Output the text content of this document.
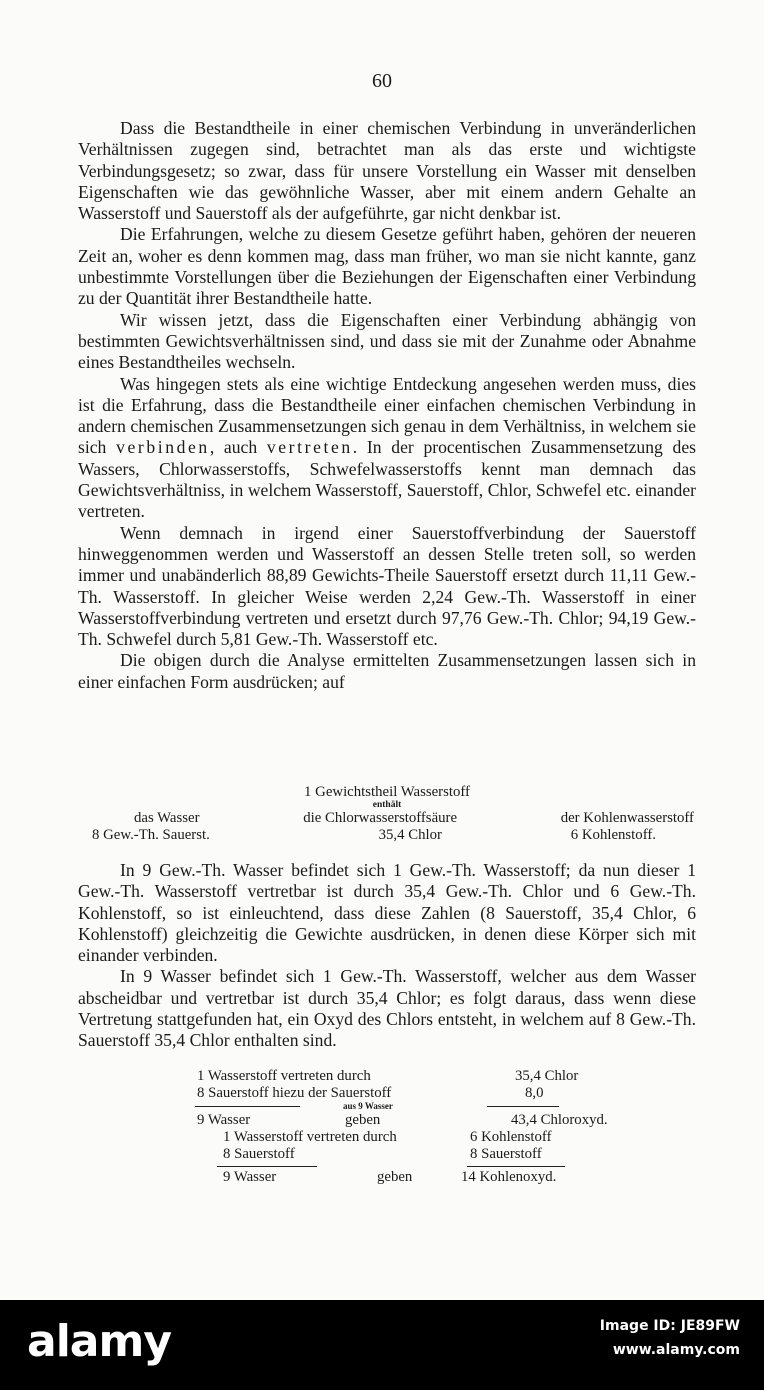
60

Dass die Bestandtheile in einer chemischen Verbindung in unveränderlichen Verhältnissen zugegen sind, betrachtet man als das erste und wichtigste Verbindungsgesetz; so zwar, dass für unsere Vorstellung ein Wasser mit denselben Eigenschaften wie das gewöhnliche Wasser, aber mit einem andern Gehalte an Wasserstoff und Sauerstoff als der aufgeführte, gar nicht denkbar ist.

Die Erfahrungen, welche zu diesem Gesetze geführt haben, gehören der neueren Zeit an, woher es denn kommen mag, dass man früher, wo man sie nicht kannte, ganz unbestimmte Vorstellungen über die Beziehungen der Eigenschaften einer Verbindung zu der Quantität ihrer Bestandtheile hatte.

Wir wissen jetzt, dass die Eigenschaften einer Verbindung abhängig von bestimmten Gewichtsverhältnissen sind, und dass sie mit der Zunahme oder Abnahme eines Bestandtheiles wechseln.

Was hingegen stets als eine wichtige Entdeckung angesehen werden muss, dies ist die Erfahrung, dass die Bestandtheile einer einfachen chemischen Verbindung in andern chemischen Zusammensetzungen sich genau in dem Verhältniss, in welchem sie sich verbinden, auch vertreten. In der procentischen Zusammensetzung des Wassers, Chlorwasserstoffs, Schwefelwasserstoffs kennt man demnach das Gewichtsverhältniss, in welchem Wasserstoff, Sauerstoff, Chlor, Schwefel etc. einander vertreten.

Wenn demnach in irgend einer Sauerstoffverbindung der Sauerstoff hinweggenommen werden und Wasserstoff an dessen Stelle treten soll, so werden immer und unabänderlich 88,89 Gewichts-Theile Sauerstoff ersetzt durch 11,11 Gew.-Th. Wasserstoff. In gleicher Weise werden 2,24 Gew.-Th. Wasserstoff in einer Wasserstoffverbindung vertreten und ersetzt durch 97,76 Gew.-Th. Chlor; 94,19 Gew.-Th. Schwefel durch 5,81 Gew.-Th. Wasserstoff etc.

Die obigen durch die Analyse ermittelten Zusammensetzungen lassen sich in einer einfachen Form ausdrücken; auf

1 Gewichtstheil Wasserstoff
enthält
das Wasser	die Chlorwasserstoffsäure	der Kohlenwasserstoff
8 Gew.-Th. Sauerst.	35,4 Chlor	6 Kohlenstoff.

In 9 Gew.-Th. Wasser befindet sich 1 Gew.-Th. Wasserstoff; da nun dieser 1 Gew.-Th. Wasserstoff vertretbar ist durch 35,4 Gew.-Th. Chlor und 6 Gew.-Th. Kohlenstoff, so ist einleuchtend, dass diese Zahlen (8 Sauerstoff, 35,4 Chlor, 6 Kohlenstoff) gleichzeitig die Gewichte ausdrücken, in denen diese Körper sich mit einander verbinden.

In 9 Wasser befindet sich 1 Gew.-Th. Wasserstoff, welcher aus dem Wasser abscheidbar und vertretbar ist durch 35,4 Chlor; es folgt daraus, dass wenn diese Vertretung stattgefunden hat, ein Oxyd des Chlors entsteht, in welchem auf 8 Gew.-Th. Sauerstoff 35,4 Chlor enthalten sind.

1 Wasserstoff vertreten durch	35,4 Chlor
8 Sauerstoff hiezu der Sauerstoff	8,0
aus 9 Wasser
9 Wasser	geben	43,4 Chloroxyd.
1 Wasserstoff vertreten durch	6 Kohlenstoff
8 Sauerstoff	8 Sauerstoff
9 Wasser	geben	14 Kohlenoxyd.
alamy	Image ID: JE89FW
www.alamy.com
